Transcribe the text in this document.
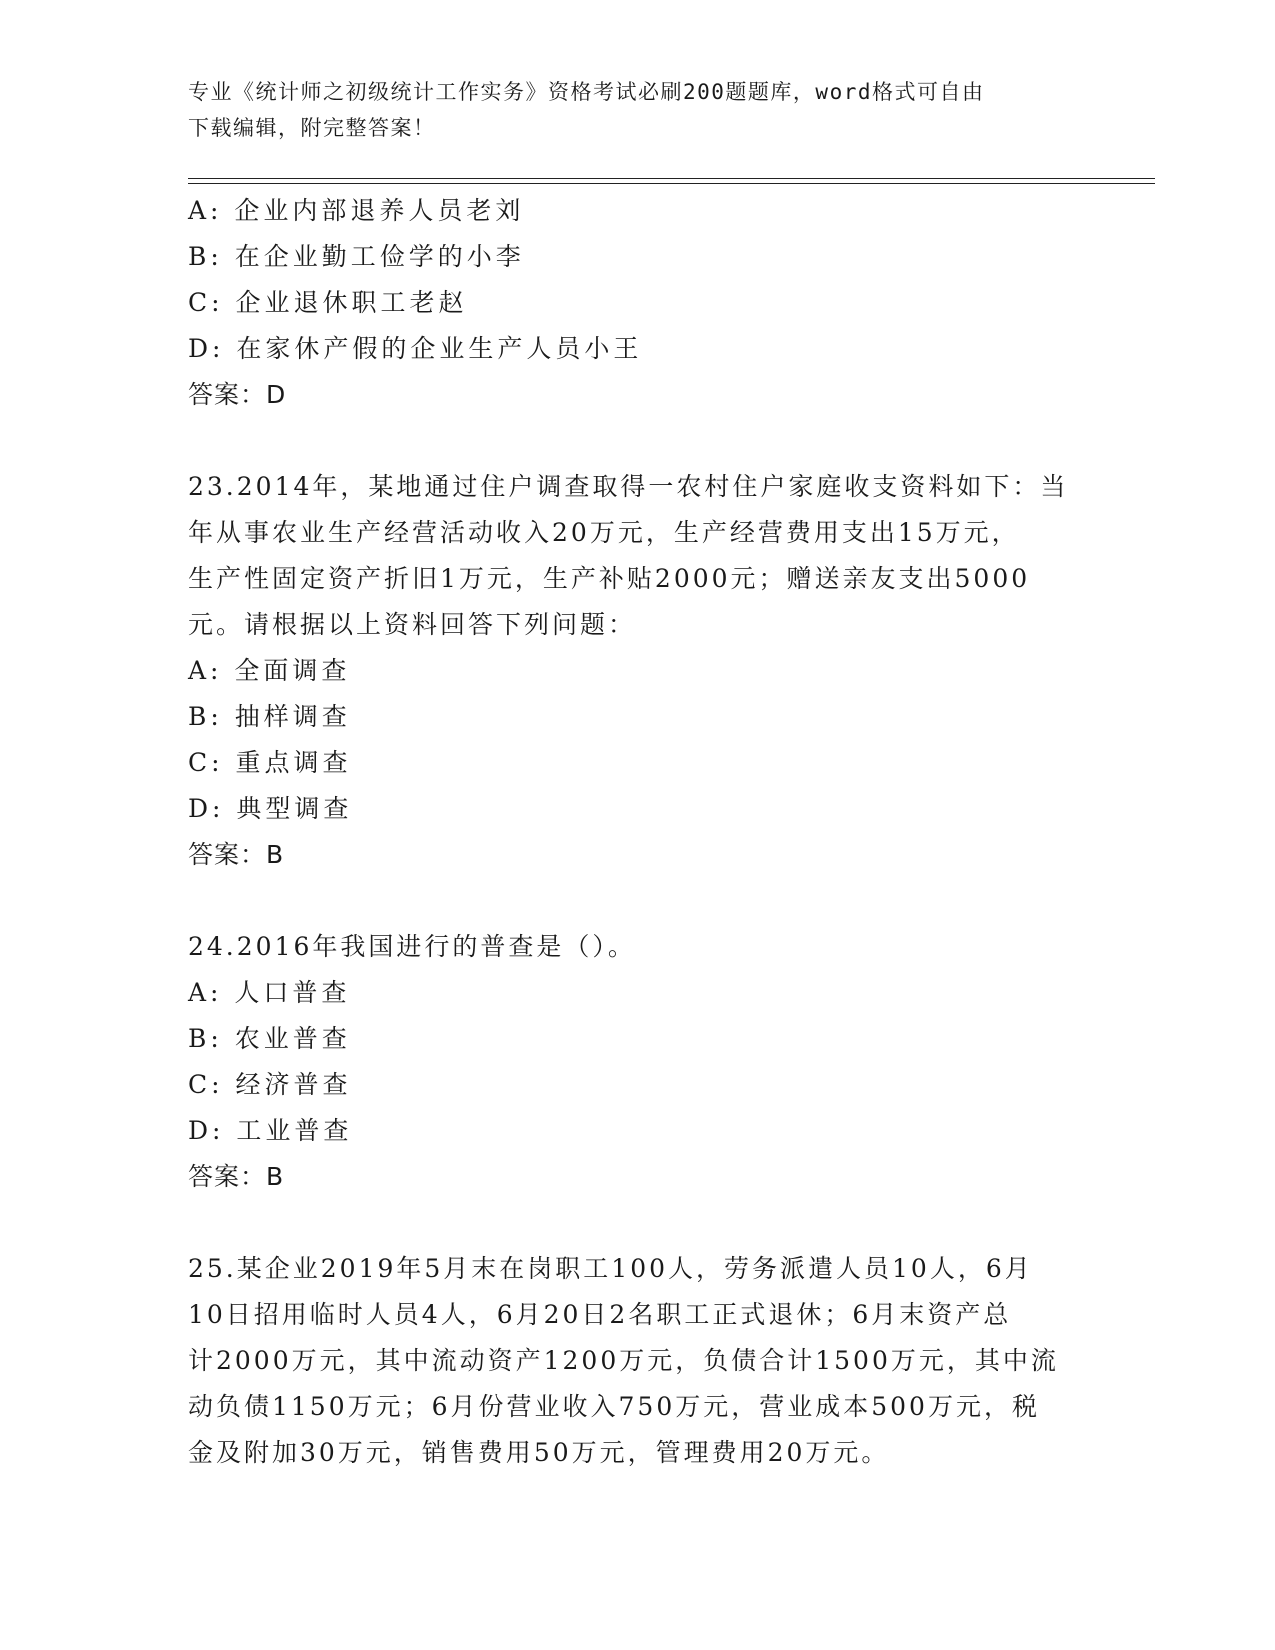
专业《统计师之初级统计工作实务》资格考试必刷200题题库，word格式可自由
下载编辑，附完整答案！
A: 企业内部退养人员老刘
B: 在企业勤工俭学的小李
C: 企业退休职工老赵
D: 在家休产假的企业生产人员小王
答案：D
23.2014年，某地通过住户调查取得一农村住户家庭收支资料如下：当
年从事农业生产经营活动收入20万元，生产经营费用支出15万元，
生产性固定资产折旧1万元，生产补贴2000元；赠送亲友支出5000
元。请根据以上资料回答下列问题：
A: 全面调查
B: 抽样调查
C: 重点调查
D: 典型调查
答案：B
24.2016年我国进行的普查是（）。
A: 人口普查
B: 农业普查
C: 经济普查
D: 工业普查
答案：B
25.某企业2019年5月末在岗职工100人，劳务派遣人员10人，6月
10日招用临时人员4人，6月20日2名职工正式退休；6月末资产总
计2000万元，其中流动资产1200万元，负债合计1500万元，其中流
动负债1150万元；6月份营业收入750万元，营业成本500万元，税
金及附加30万元，销售费用50万元，管理费用20万元。
